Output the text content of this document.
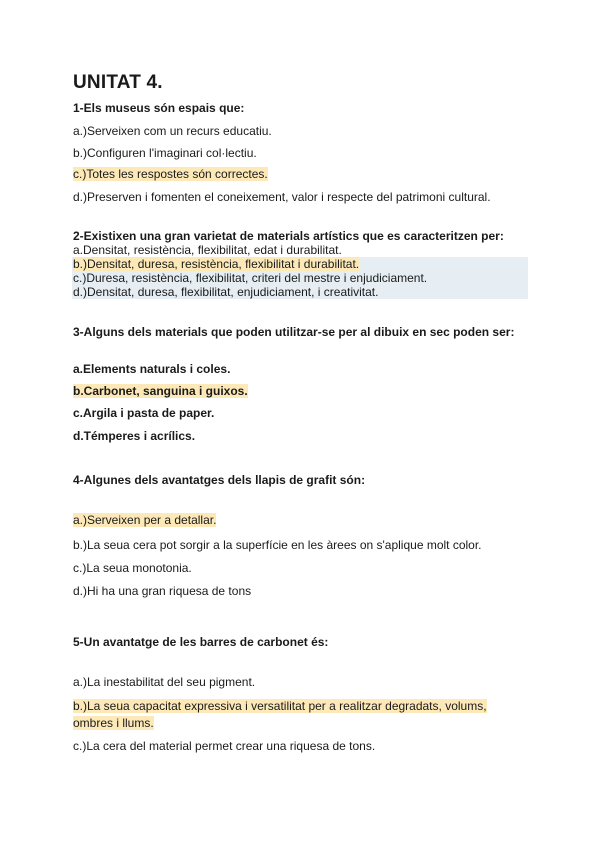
UNITAT 4.
1-Els museus són espais que:
a.)Serveixen com un recurs educatiu.
b.)Configuren l'imaginari col·lectiu.
c.)Totes les respostes són correctes.
d.)Preserven i fomenten el coneixement, valor i respecte del patrimoni cultural.
2-Existixen una gran varietat de materials artístics que es caracteritzen per:
a.Densitat, resistència, flexibilitat, edat i durabilitat.
b.)Densitat, duresa, resistència, flexibilitat i durabilitat.
c.)Duresa, resistència, flexibilitat, criteri del mestre i enjudiciament.
d.)Densitat, duresa, flexibilitat, enjudiciament, i creativitat.
3-Alguns dels materials que poden utilitzar-se per al dibuix en sec poden ser:
a.Elements naturals i coles.
b.Carbonet, sanguina i guixos.
c.Argila i pasta de paper.
d.Témperes i acrílics.
4-Algunes dels avantatges dels llapis de grafit són:
a.)Serveixen per a detallar.
b.)La seua cera pot sorgir a la superfície en les àrees on s'aplique molt color.
c.)La seua monotonia.
d.)Hi ha una gran riquesa de tons
5-Un avantatge de les barres de carbonet és:
a.)La inestabilitat del seu pigment.
b.)La seua capacitat expressiva i versatilitat per a realitzar degradats, volums, ombres i llums.
c.)La cera del material permet crear una riquesa de tons.
